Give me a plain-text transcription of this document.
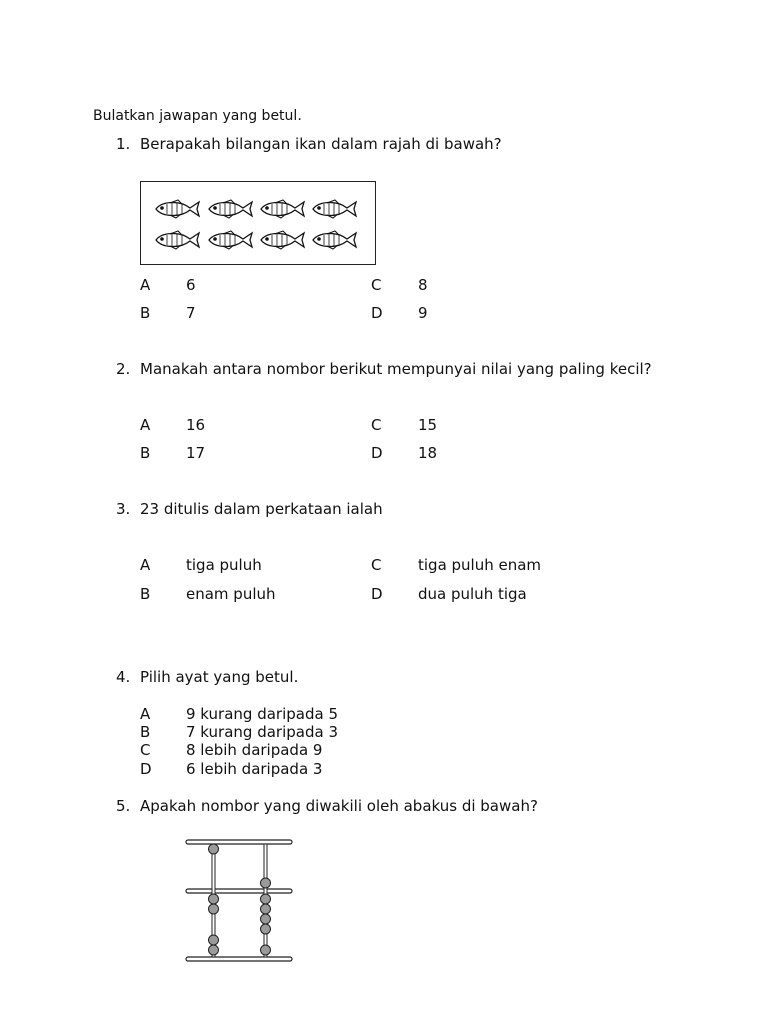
Bulatkan jawapan yang betul.
1. Berapakah bilangan ikan dalam rajah di bawah?
A 6	C 8
B 7	D 9
2. Manakah antara nombor berikut mempunyai nilai yang paling kecil?
A 16	C 15
B 17	D 18
3. 23 ditulis dalam perkataan ialah
A tiga puluh	C tiga puluh enam
B enam puluh	D dua puluh tiga
4. Pilih ayat yang betul.
A 9 kurang daripada 5
B 7 kurang daripada 3
C 8 lebih daripada 9
D 6 lebih daripada 3
5. Apakah nombor yang diwakili oleh abakus di bawah?
